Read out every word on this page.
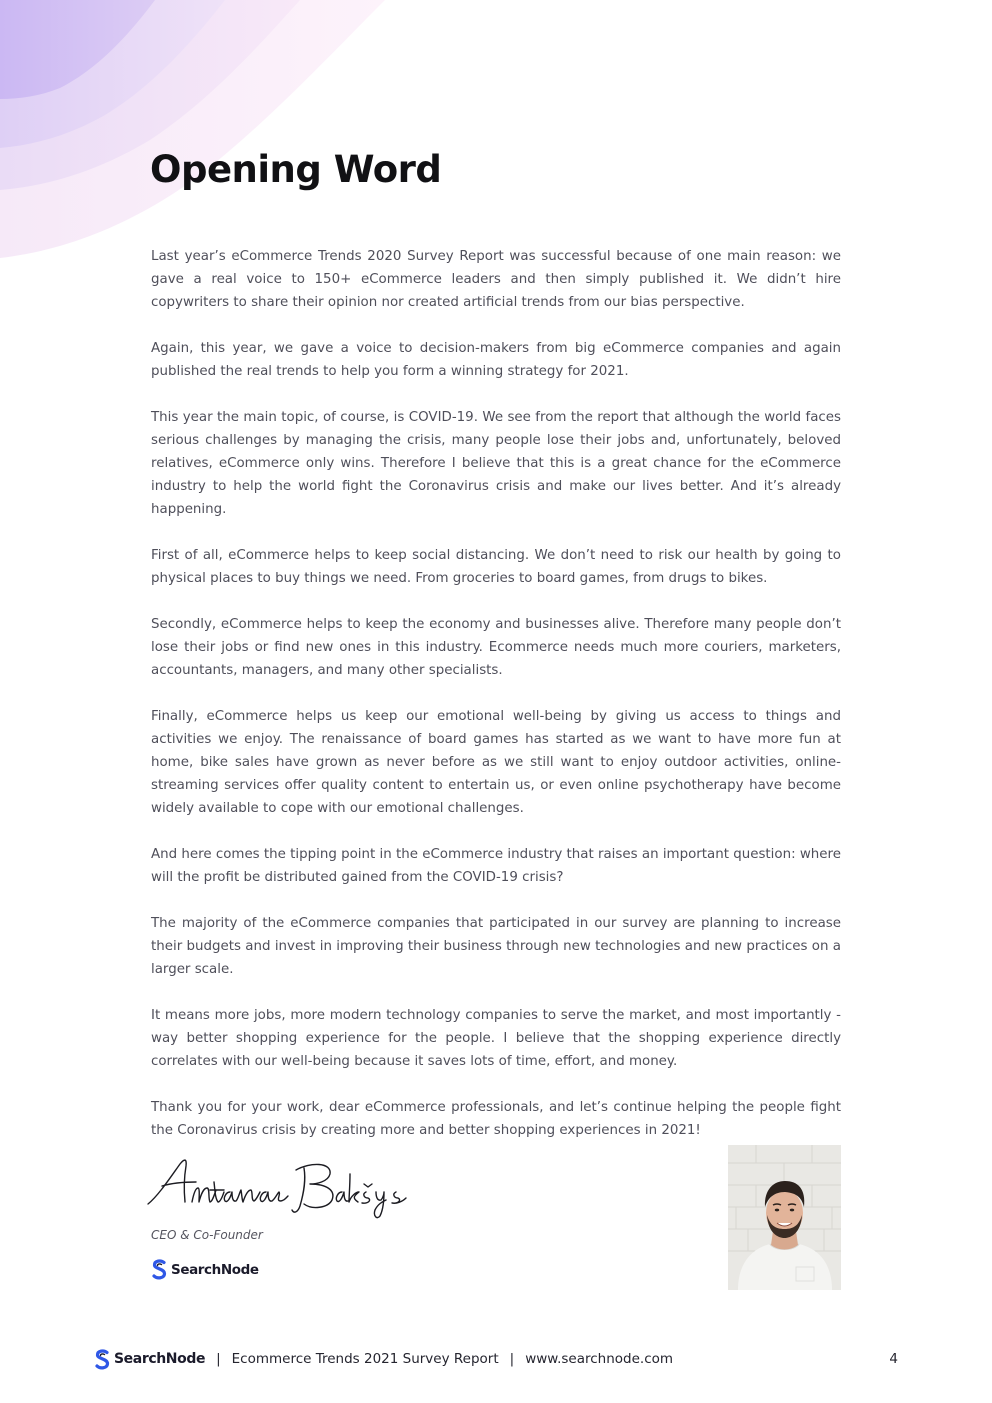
Opening Word

Last year’s eCommerce Trends 2020 Survey Report was successful because of one main reason: we gave a real voice to 150+ eCommerce leaders and then simply published it. We didn’t hire copywriters to share their opinion nor created artificial trends from our bias perspective.

Again, this year, we gave a voice to decision-makers from big eCommerce companies and again published the real trends to help you form a winning strategy for 2021.

This year the main topic, of course, is COVID-19. We see from the report that although the world faces serious challenges by managing the crisis, many people lose their jobs and, unfortunately, beloved relatives, eCommerce only wins. Therefore I believe that this is a great chance for the eCommerce industry to help the world fight the Coronavirus crisis and make our lives better. And it’s already happening.

First of all, eCommerce helps to keep social distancing. We don’t need to risk our health by going to physical places to buy things we need. From groceries to board games, from drugs to bikes.

Secondly, eCommerce helps to keep the economy and businesses alive. Therefore many people don’t lose their jobs or find new ones in this industry. Ecommerce needs much more couriers, marketers, accountants, managers, and many other specialists.

Finally, eCommerce helps us keep our emotional well-being by giving us access to things and activities we enjoy. The renaissance of board games has started as we want to have more fun at home, bike sales have grown as never before as we still want to enjoy outdoor activities, online-streaming services offer quality content to entertain us, or even online psychotherapy have become widely available to cope with our emotional challenges.

And here comes the tipping point in the eCommerce industry that raises an important question: where will the profit be distributed gained from the COVID-19 crisis?

The majority of the eCommerce companies that participated in our survey are planning to increase their budgets and invest in improving their business through new technologies and new practices on a larger scale.

It means more jobs, more modern technology companies to serve the market, and most importantly - way better shopping experience for the people. I believe that the shopping experience directly correlates with our well-being because it saves lots of time, effort, and money.

Thank you for your work, dear eCommerce professionals, and let’s continue helping the people fight the Coronavirus crisis by creating more and better shopping experiences in 2021!

CEO & Co-Founder
SearchNode
SearchNode | Ecommerce Trends 2021 Survey Report | www.searchnode.com	4
